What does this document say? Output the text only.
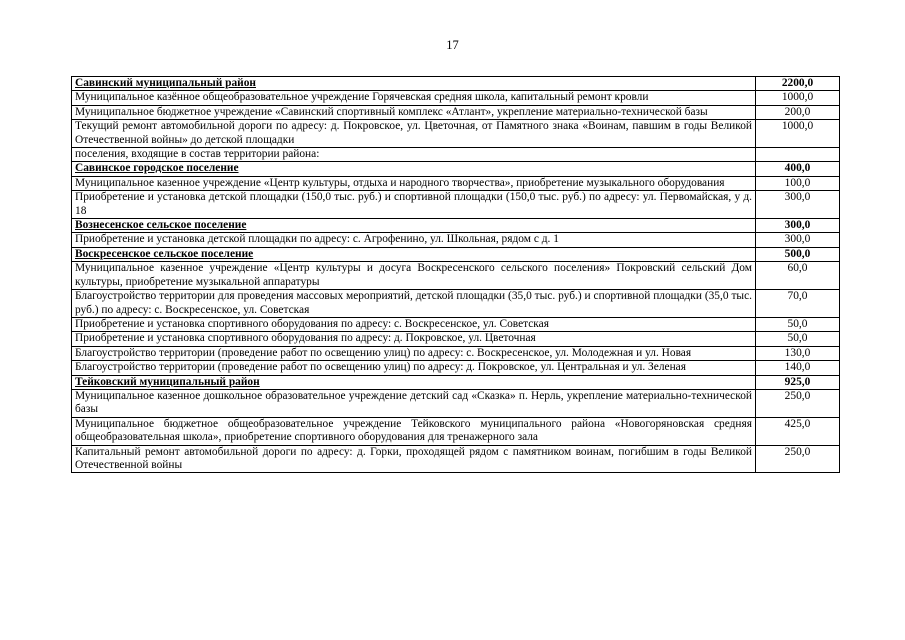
17
Савинский муниципальный район	2200,0
Муниципальное казённое общеобразовательное учреждение Горячевская средняя школа, капитальный ремонт кровли	1000,0
Муниципальное бюджетное учреждение «Савинский спортивный комплекс «Атлант», укрепление материально-технической базы	200,0
Текущий ремонт автомобильной дороги по адресу: д. Покровское, ул. Цветочная, от Памятного знака «Воинам, павшим в годы Великой Отечественной войны» до детской площадки	1000,0
поселения, входящие в состав территории района:	
Савинское городское поселение	400,0
Муниципальное казенное учреждение «Центр культуры, отдыха и народного творчества», приобретение музыкального оборудования	100,0
Приобретение и установка детской площадки (150,0 тыс. руб.) и спортивной площадки (150,0 тыс. руб.) по адресу: ул. Первомайская, у д. 18	300,0
Вознесенское сельское поселение	300,0
Приобретение и установка детской площадки по адресу: с. Агрофенино, ул. Школьная, рядом с д. 1	300,0
Воскресенское сельское поселение	500,0
Муниципальное казенное учреждение «Центр культуры и досуга Воскресенского сельского поселения» Покровский сельский Дом культуры, приобретение музыкальной аппаратуры	60,0
Благоустройство территории для проведения массовых мероприятий, детской площадки (35,0 тыс. руб.) и спортивной площадки (35,0 тыс. руб.) по адресу: с. Воскресенское, ул. Советская	70,0
Приобретение и установка спортивного оборудования по адресу: с. Воскресенское, ул. Советская	50,0
Приобретение и установка спортивного оборудования по адресу: д. Покровское, ул. Цветочная	50,0
Благоустройство территории (проведение работ по освещению улиц) по адресу: с. Воскресенское, ул. Молодежная и ул. Новая	130,0
Благоустройство территории (проведение работ по освещению улиц) по адресу: д. Покровское, ул. Центральная и ул. Зеленая	140,0
Тейковский муниципальный район	925,0
Муниципальное казенное дошкольное образовательное учреждение детский сад «Сказка» п. Нерль, укрепление материально-технической базы	250,0
Муниципальное бюджетное общеобразовательное учреждение Тейковского муниципального района «Новогоряновская средняя общеобразовательная школа», приобретение спортивного оборудования для тренажерного зала	425,0
Капитальный ремонт автомобильной дороги по адресу: д. Горки, проходящей рядом с памятником воинам, погибшим в годы Великой Отечественной войны	250,0
